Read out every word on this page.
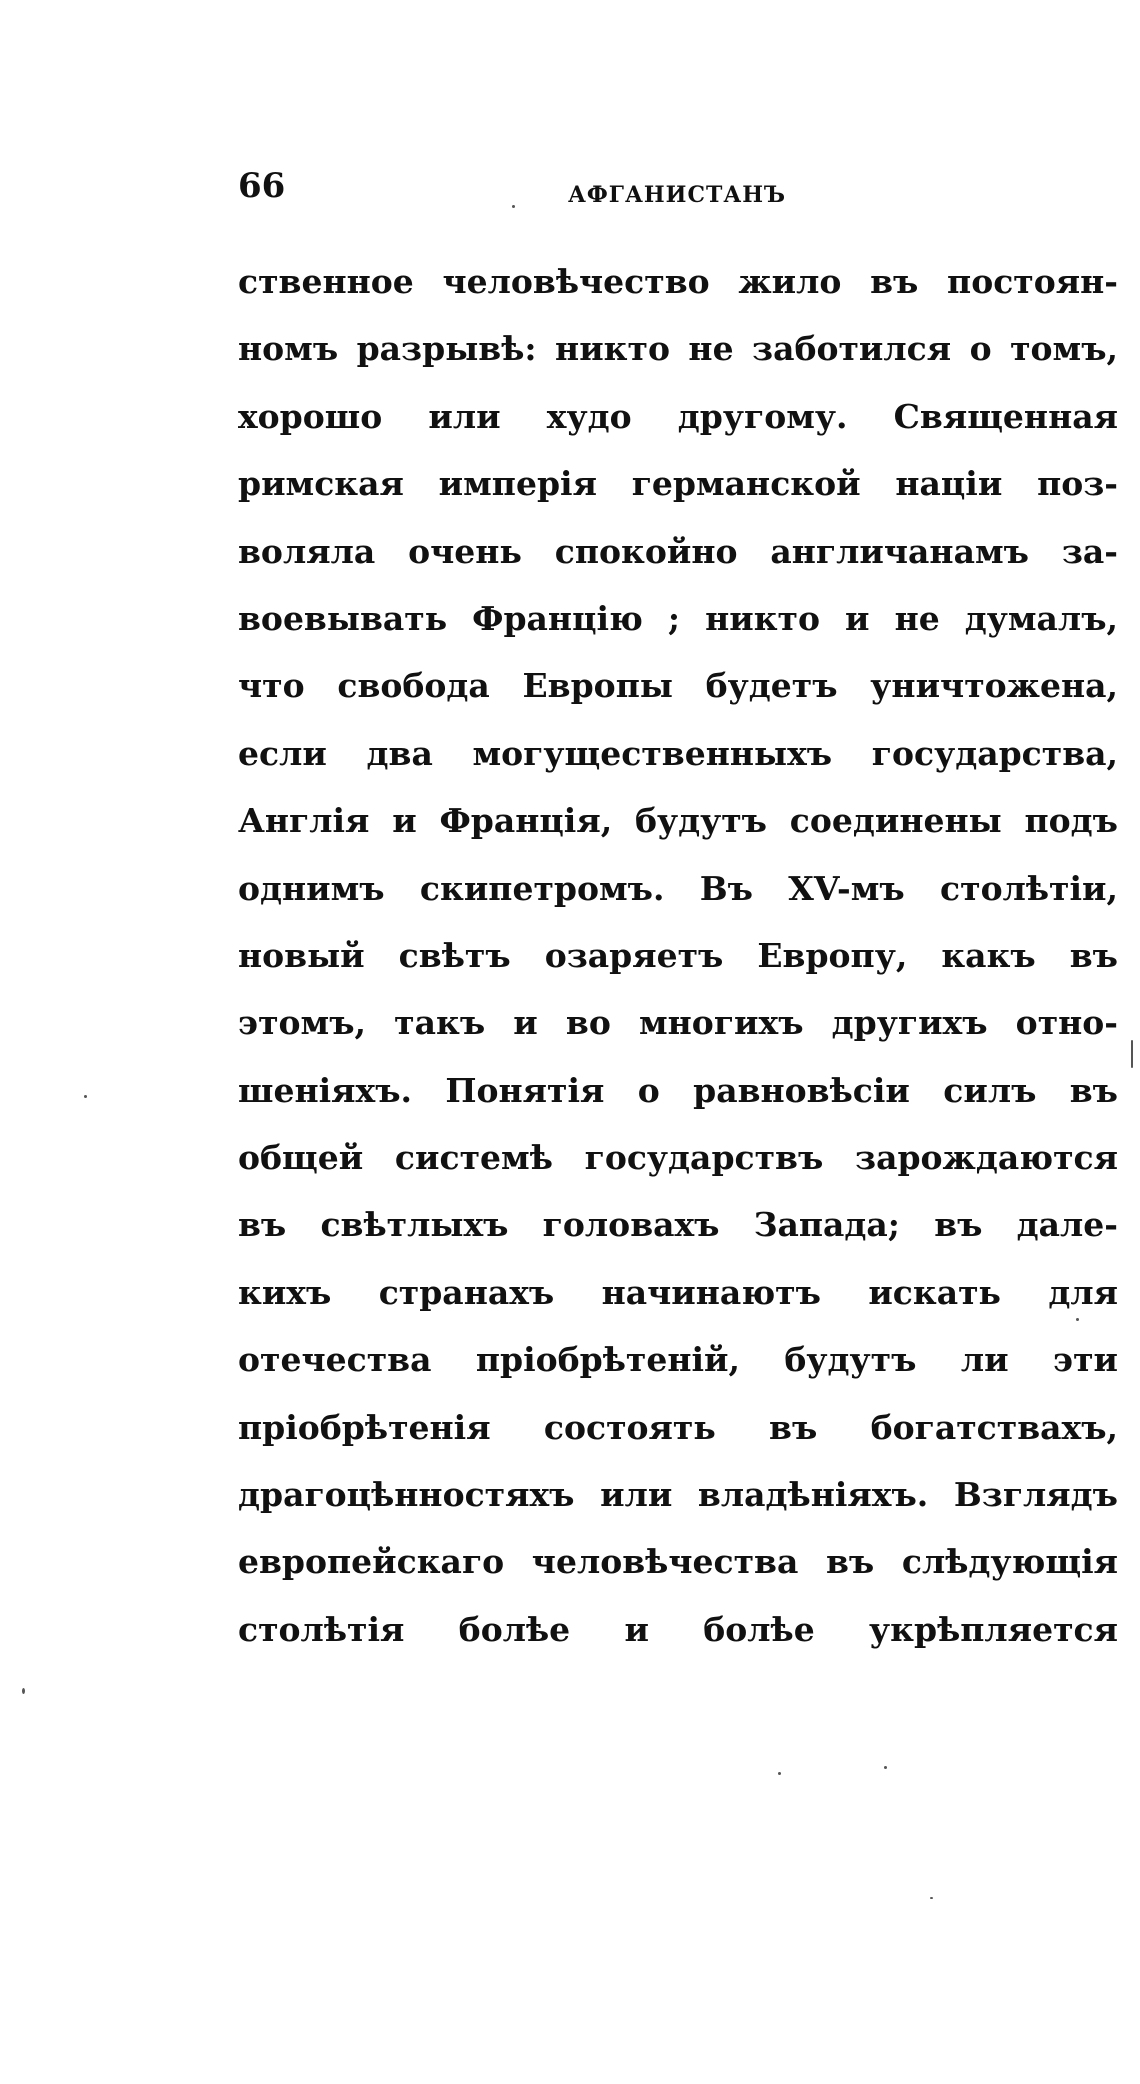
66	АФГАНИСТАНЪ
ственное человѣчество жило въ постоян-
номъ разрывѣ: никто не заботился о томъ,
хорошо или худо другому. Священная
римская имперія германской націи поз-
воляла очень спокойно англичанамъ за-
воевывать Францію ; никто и не думалъ,
что свобода Европы будетъ уничтожена,
если два могущественныхъ государства,
Англія и Франція, будутъ соединены подъ
однимъ скипетромъ. Въ XV-мъ столѣтіи,
новый свѣтъ озаряетъ Европу, какъ въ
этомъ, такъ и во многихъ другихъ отно-
шеніяхъ. Понятія о равновѣсіи силъ въ
общей системѣ государствъ зарождаются
въ свѣтлыхъ головахъ Запада; въ дале-
кихъ странахъ начинаютъ искать для
отечества пріобрѣтеній, будутъ ли эти
пріобрѣтенія состоять въ богатствахъ,
драгоцѣнностяхъ или владѣніяхъ. Взглядъ
европейскаго человѣчества въ слѣдующія
столѣтія болѣе и болѣе укрѣпляется
